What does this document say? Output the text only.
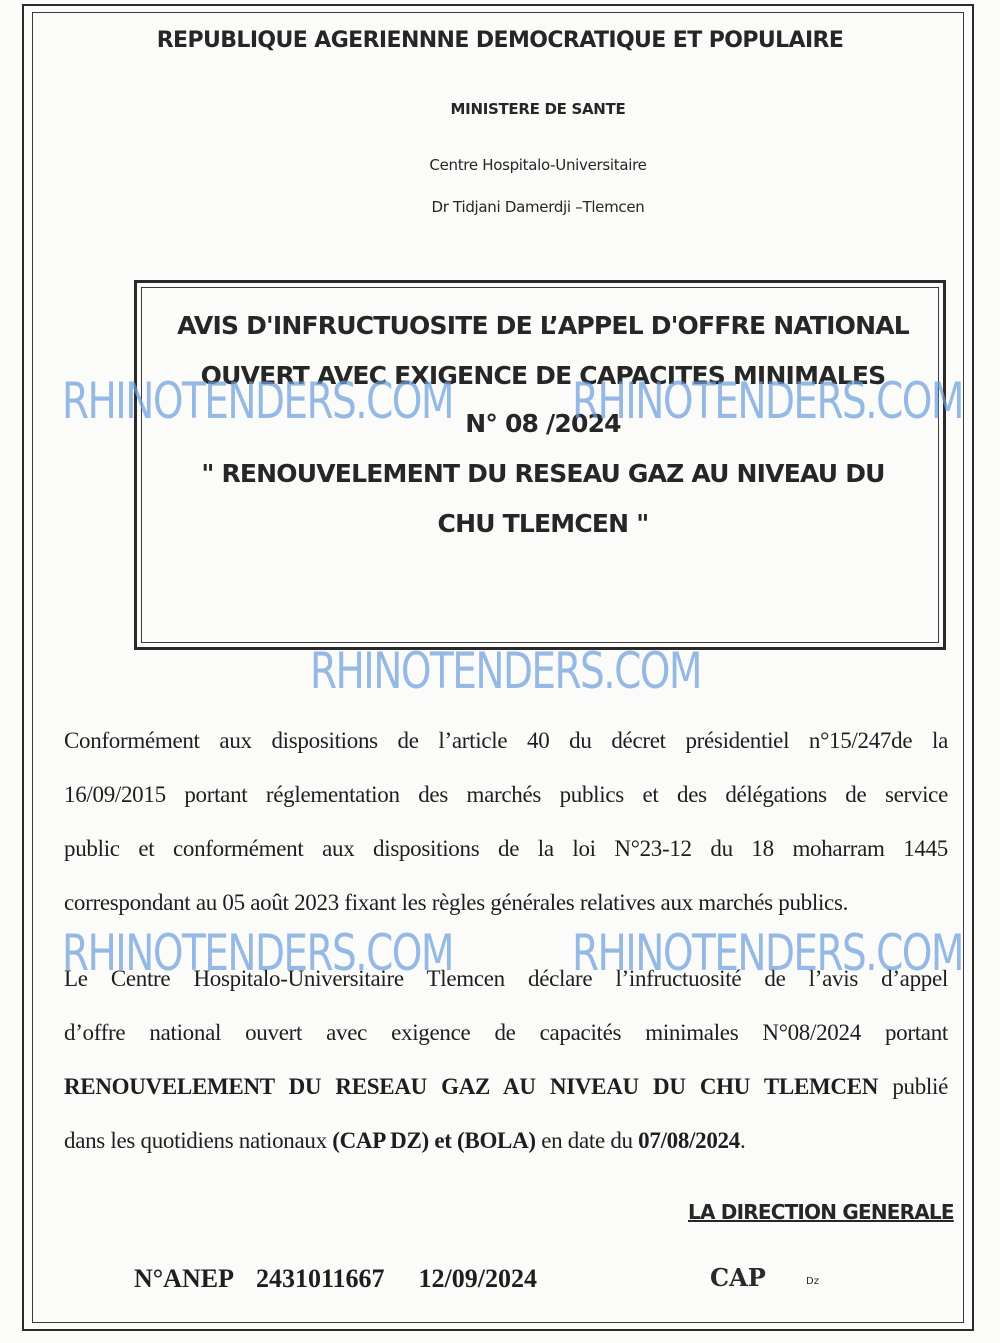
REPUBLIQUE AGERIENNNE DEMOCRATIQUE ET POPULAIRE
MINISTERE DE SANTE
Centre Hospitalo-Universitaire
Dr Tidjani Damerdji –Tlemcen
AVIS D'INFRUCTUOSITE DE L’APPEL D'OFFRE NATIONAL
OUVERT AVEC EXIGENCE DE CAPACITES MINIMALES
N° 08 /2024
" RENOUVELEMENT DU RESEAU GAZ AU NIVEAU DU
CHU TLEMCEN "
Conformément aux dispositions de l’article 40 du décret présidentiel n°15/247de la
16/09/2015 portant réglementation des marchés publics et des délégations de service
public et conformément aux dispositions de la loi N°23-12 du 18 moharram 1445
correspondant au 05 août 2023 fixant les règles générales relatives aux marchés publics.
Le Centre Hospitalo-Universitaire Tlemcen déclare l’infructuosité de l’avis d’appel
d’offre national ouvert avec exigence de capacités minimales N°08/2024 portant
RENOUVELEMENT DU RESEAU GAZ AU NIVEAU DU CHU TLEMCEN publié
dans les quotidiens nationaux (CAP DZ) et (BOLA) en date du 07/08/2024.
LA DIRECTION GENERALE
N°ANEP 2431011667 12/09/2024	CAP	Dz
RHINOTENDERS.COM RHINOTENDERS.COM
RHINOTENDERS.COM
RHINOTENDERS.COM RHINOTENDERS.COM
